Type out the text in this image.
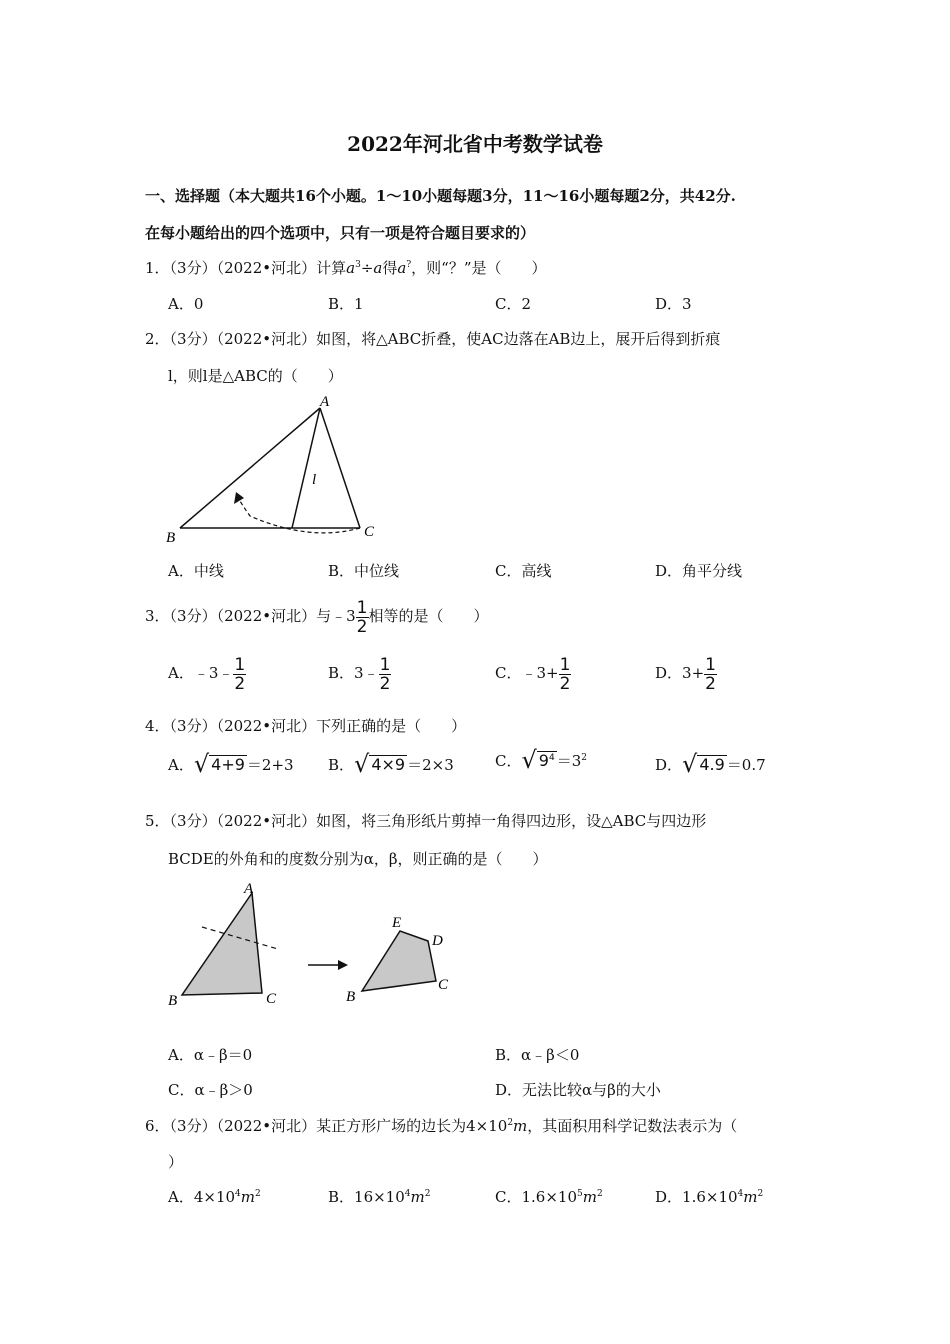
2022年河北省中考数学试卷
一、选择题（本大题共16个小题。1～10小题每题3分，11～16小题每题2分，共42分.
在每小题给出的四个选项中，只有一项是符合题目要求的）
1．（3分）（2022•河北）计算$a^3\div a$得a?，则“？”是（　　）
A．0	B．1	C．2	D．3
2．（3分）（2022•河北）如图，将△ABC折叠，使AC边落在AB边上，展开后得到折痕
l，则l是△ABC的（　　）
A
B	C
l
A．中线	B．中位线	C．高线	D．角平分线
3．（3分）（2022•河北）与﹣3 $\frac{1}{2}$ 相等的是（　　）
A．﹣3﹣ $\frac{1}{2}$	B．3﹣ $\frac{1}{2}$	C．﹣3+ $\frac{1}{2}$	D．$3+ \frac{1}{2}$
4．（3分）（2022•河北）下列正确的是（　　）
A．√ 4+9 ＝2+3 B．√ 4×9 ＝2×3	C．√ $9^4 =3^2$	D．√ 4.9 ＝0.7
5．（3分）（2022•河北）如图，将三角形纸片剪掉一角得四边形，设△ABC与四边形
BCDE的外角和的度数分别为α，β，则正确的是（　　）
A
B	C	B
E
D
C
A．α﹣β＝0	B．α﹣β＜0
C．α﹣β＞0	D．无法比较α与β的大小
6．（3分）（2022•河北）某正方形广场的边长为$4\times 10^2m$，其面积用科学记数法表示为（
）
A．$4\times 10^4m^2$	B．$16\times 10^4m^2$	C．$1.6\times 10^5m^2$	D．$1.6\times 10^4m^2$
